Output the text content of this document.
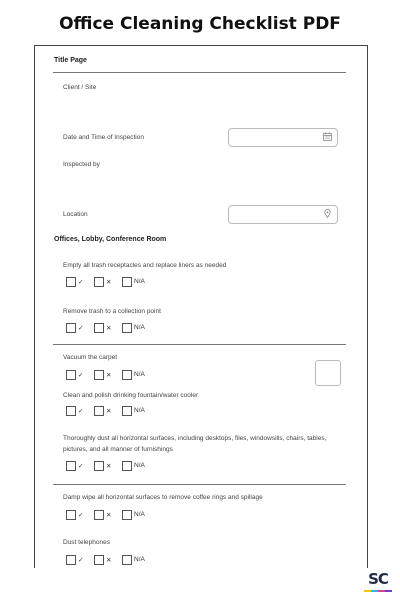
Office Cleaning Checklist PDF
Title Page
Client / Site
Date and Time of Inspection
Inspected by
Location
Offices, Lobby, Conference Room
Empty all trash receptacles and replace liners as needed
✓	✕	N/A
Remove trash to a collection point
✓	✕	N/A
Vacuum the carpet
✓	✕	N/A
Clean and polish drinking fountain/water cooler
✓	✕	N/A
Thoroughly dust all horizontal surfaces, including desktops, files, windowsills, chairs, tables, pictures, and all manner of furnishings
✓	✕	N/A
Damp wipe all horizontal surfaces to remove coffee rings and spillage
✓	✕	N/A
Dust telephones
✓	✕	N/A
SC
